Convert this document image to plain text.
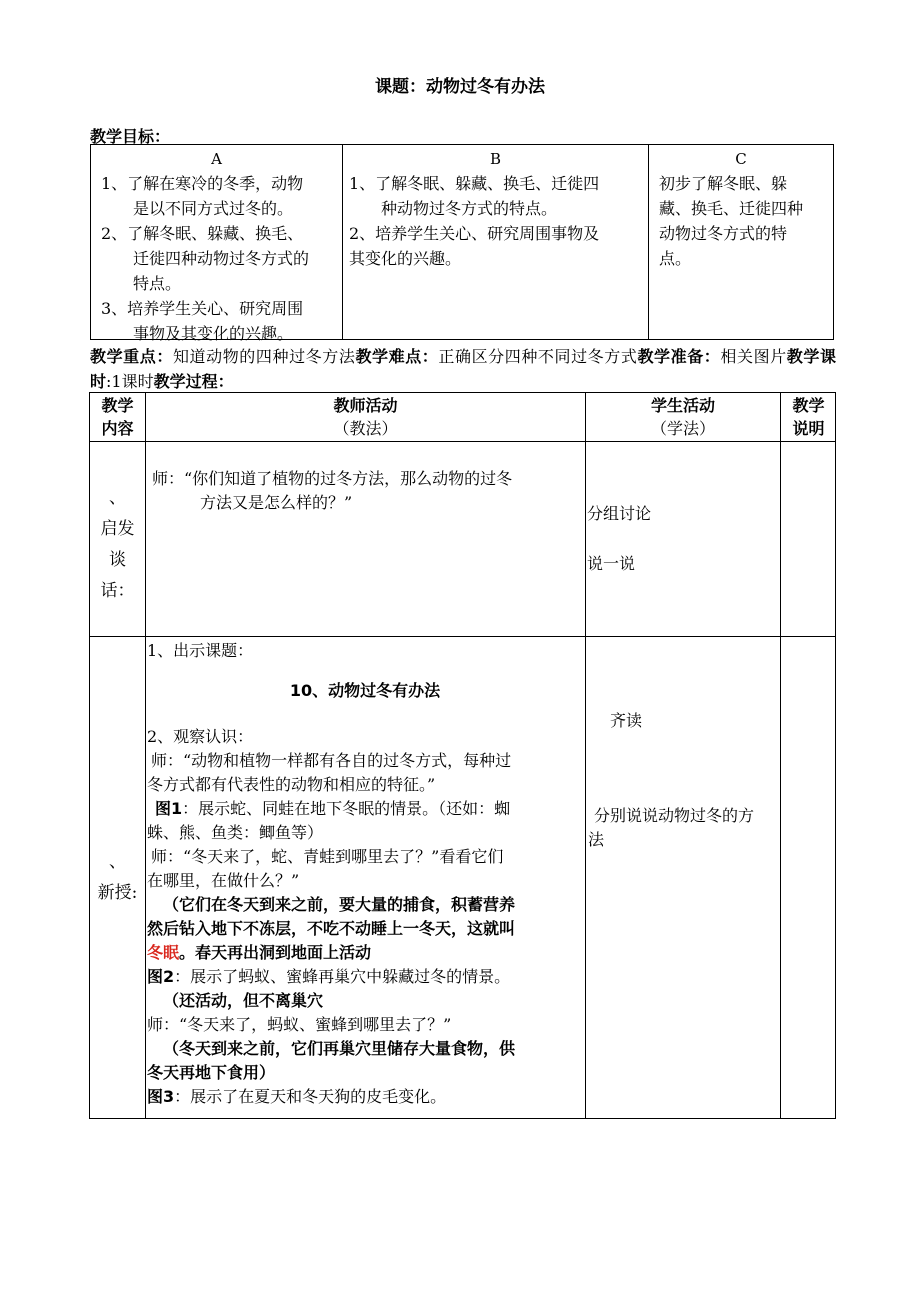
课题：动物过冬有办法
教学目标：
A
1、了解在寒冷的冬季，动物
　　是以不同方式过冬的。
2、了解冬眠、躲藏、换毛、
　　迁徙四种动物过冬方式的
　　特点。
3、培养学生关心、研究周围
　　事物及其变化的兴趣。
B
1、了解冬眠、躲藏、换毛、迁徙四
　　种动物过冬方式的特点。
2、培养学生关心、研究周围事物及
其变化的兴趣。
C
初步了解冬眠、躲
藏、换毛、迁徙四种
动物过冬方式的特
点。
教学重点：知道动物的四种过冬方法教学难点：正确区分四种不同过冬方式教学准备：相关图片教学课时:1课时教学过程：
教学
内容
教师活动
（教法）
学生活动
（学法）
教学
说明
、
启发
谈
话：
师：“你们知道了植物的过冬方法，那么动物的过冬
　　　方法又是怎么样的？”
分组讨论
说一说
、
新授:
1、出示课题：
10、动物过冬有办法
2、观察认识：
师：“动物和植物一样都有各自的过冬方式，每种过
冬方式都有代表性的动物和相应的特征。”
图1：展示蛇、同蛙在地下冬眠的情景。（还如：蜘
蛛、熊、鱼类：鲫鱼等）
师：“冬天来了，蛇、青蛙到哪里去了？”看看它们
在哪里，在做什么？”
（它们在冬天到来之前，要大量的捕食，积蓄营养
然后钻入地下不冻层，不吃不动睡上一冬天，这就叫
冬眠。春天再出洞到地面上活动
图2：展示了蚂蚁、蜜蜂再巢穴中躲藏过冬的情景。
（还活动，但不离巢穴
师：“冬天来了，蚂蚁、蜜蜂到哪里去了？”
（冬天到来之前，它们再巢穴里储存大量食物，供
冬天再地下食用）
图3：展示了在夏天和冬天狗的皮毛变化。
齐读
分别说说动物过冬的方
法
